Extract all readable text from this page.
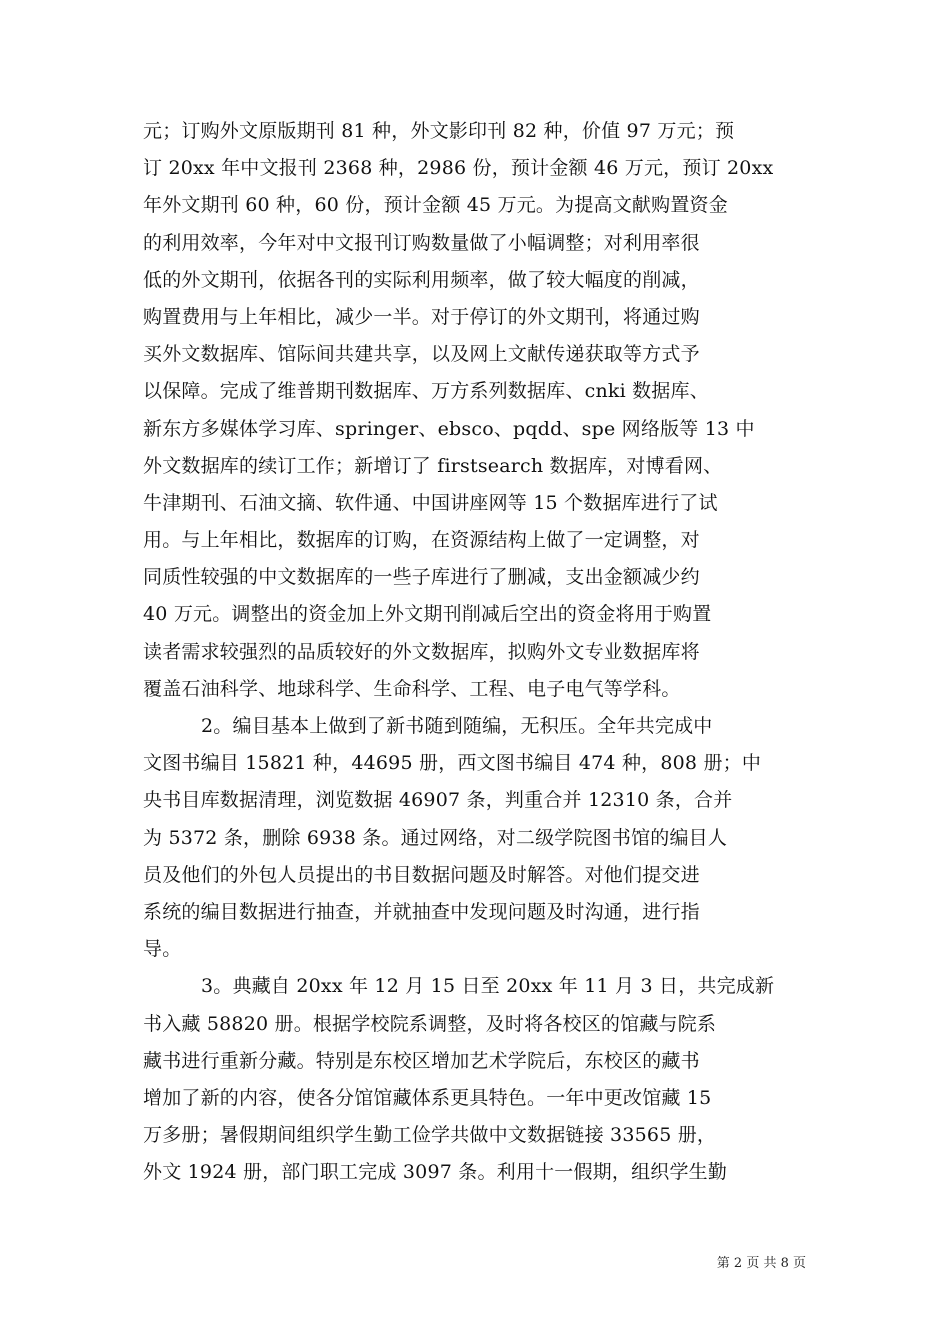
元；订购外文原版期刊 81 种，外文影印刊 82 种，价值 97 万元；预
订 20xx 年中文报刊 2368 种，2986 份，预计金额 46 万元，预订 20xx
年外文期刊 60 种，60 份，预计金额 45 万元。为提高文献购置资金
的利用效率，今年对中文报刊订购数量做了小幅调整；对利用率很
低的外文期刊，依据各刊的实际利用频率，做了较大幅度的削减，
购置费用与上年相比，减少一半。对于停订的外文期刊，将通过购
买外文数据库、馆际间共建共享，以及网上文献传递获取等方式予
以保障。完成了维普期刊数据库、万方系列数据库、cnki 数据库、
新东方多媒体学习库、springer、ebsco、pqdd、spe 网络版等 13 中
外文数据库的续订工作；新增订了 firstsearch 数据库，对博看网、
牛津期刊、石油文摘、软件通、中国讲座网等 15 个数据库进行了试
用。与上年相比，数据库的订购，在资源结构上做了一定调整，对
同质性较强的中文数据库的一些子库进行了删减，支出金额减少约
40 万元。调整出的资金加上外文期刊削减后空出的资金将用于购置
读者需求较强烈的品质较好的外文数据库，拟购外文专业数据库将
覆盖石油科学、地球科学、生命科学、工程、电子电气等学科。
2。编目基本上做到了新书随到随编，无积压。全年共完成中
文图书编目 15821 种，44695 册，西文图书编目 474 种，808 册；中
央书目库数据清理，浏览数据 46907 条，判重合并 12310 条，合并
为 5372 条，删除 6938 条。通过网络，对二级学院图书馆的编目人
员及他们的外包人员提出的书目数据问题及时解答。对他们提交进
系统的编目数据进行抽查，并就抽查中发现问题及时沟通，进行指
导。
3。典藏自 20xx 年 12 月 15 日至 20xx 年 11 月 3 日，共完成新
书入藏 58820 册。根据学校院系调整，及时将各校区的馆藏与院系
藏书进行重新分藏。特别是东校区增加艺术学院后，东校区的藏书
增加了新的内容，使各分馆馆藏体系更具特色。一年中更改馆藏 15
万多册；暑假期间组织学生勤工俭学共做中文数据链接 33565 册，
外文 1924 册，部门职工完成 3097 条。利用十一假期，组织学生勤
第 2 页 共 8 页
